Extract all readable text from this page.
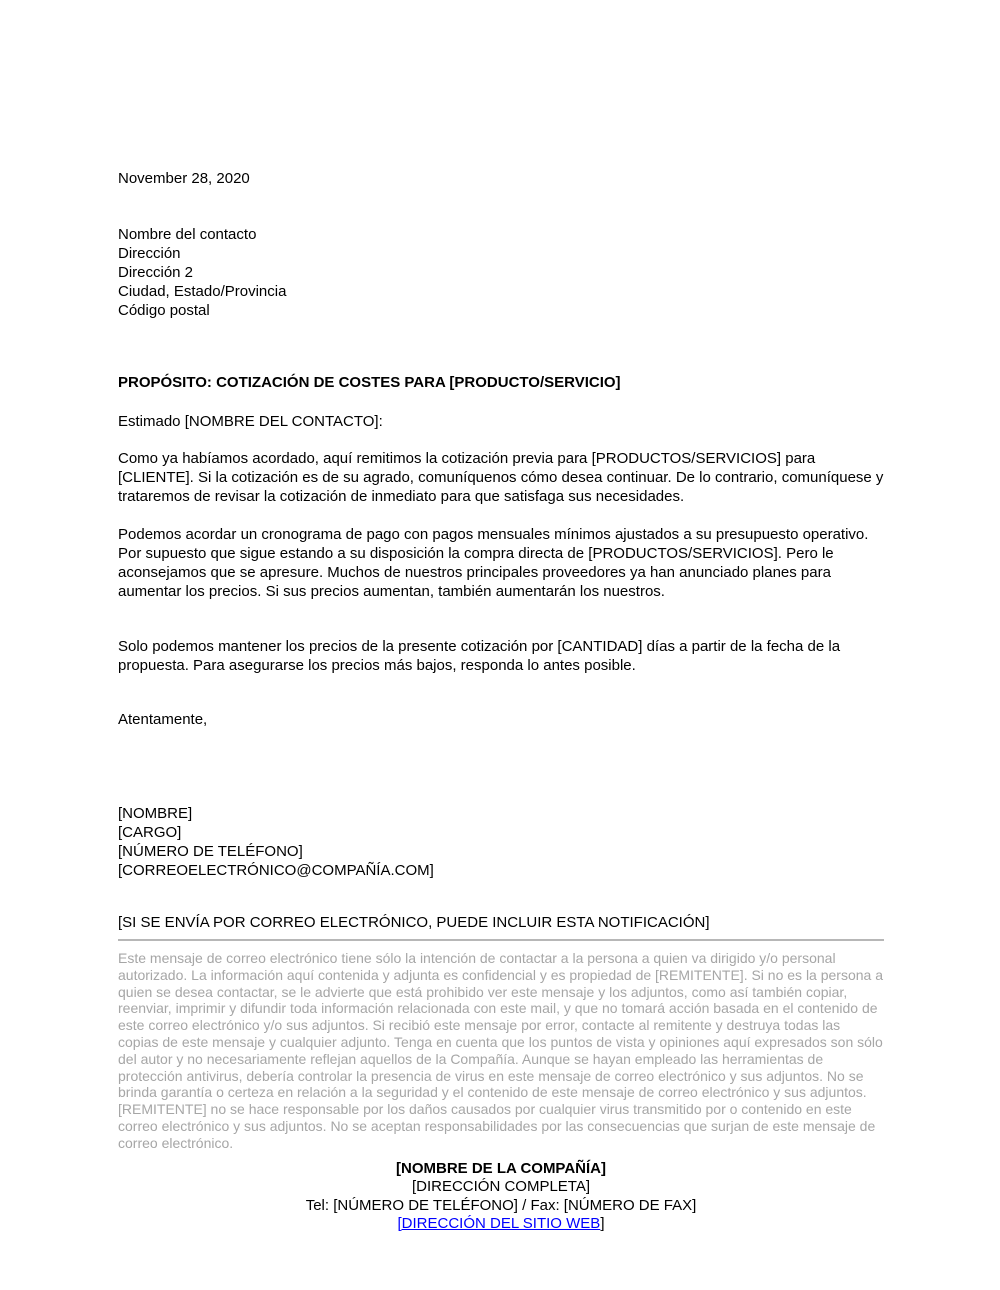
November 28, 2020
Nombre del contacto
Dirección
Dirección 2
Ciudad, Estado/Provincia
Código postal
PROPÓSITO: COTIZACIÓN DE COSTES PARA [PRODUCTO/SERVICIO]
Estimado [NOMBRE DEL CONTACTO]:

Como ya habíamos acordado, aquí remitimos la cotización previa para [PRODUCTOS/SERVICIOS] para [CLIENTE]. Si la cotización es de su agrado, comuníquenos cómo desea continuar. De lo contrario, comuníquese y trataremos de revisar la cotización de inmediato para que satisfaga sus necesidades.

Podemos acordar un cronograma de pago con pagos mensuales mínimos ajustados a su presupuesto operativo. Por supuesto que sigue estando a su disposición la compra directa de [PRODUCTOS/SERVICIOS]. Pero le aconsejamos que se apresure. Muchos de nuestros principales proveedores ya han anunciado planes para aumentar los precios. Si sus precios aumentan, también aumentarán los nuestros.

Solo podemos mantener los precios de la presente cotización por [CANTIDAD] días a partir de la fecha de la propuesta. Para asegurarse los precios más bajos, responda lo antes posible.

Atentamente,
[NOMBRE]
[CARGO]
[NÚMERO DE TELÉFONO]
[CORREOELECTRÓNICO@COMPAÑÍA.COM]
[SI SE ENVÍA POR CORREO ELECTRÓNICO, PUEDE INCLUIR ESTA NOTIFICACIÓN]

Este mensaje de correo electrónico tiene sólo la intención de contactar a la persona a quien va dirigido y/o personal autorizado. La información aquí contenida y adjunta es confidencial y es propiedad de [REMITENTE]. Si no es la persona a quien se desea contactar, se le advierte que está prohibido ver este mensaje y los adjuntos, como así también copiar, reenviar, imprimir y difundir toda información relacionada con este mail, y que no tomará acción basada en el contenido de este correo electrónico y/o sus adjuntos. Si recibió este mensaje por error, contacte al remitente y destruya todas las copias de este mensaje y cualquier adjunto. Tenga en cuenta que los puntos de vista y opiniones aquí expresados son sólo del autor y no necesariamente reflejan aquellos de la Compañía. Aunque se hayan empleado las herramientas de protección antivirus, debería controlar la presencia de virus en este mensaje de correo electrónico y sus adjuntos. No se brinda garantía o certeza en relación a la seguridad y el contenido de este mensaje de correo electrónico y sus adjuntos. [REMITENTE] no se hace responsable por los daños causados por cualquier virus transmitido por o contenido en este correo electrónico y sus adjuntos. No se aceptan responsabilidades por las consecuencias que surjan de este mensaje de correo electrónico.

[NOMBRE DE LA COMPAÑÍA]
[DIRECCIÓN COMPLETA]
Tel: [NÚMERO DE TELÉFONO] / Fax: [NÚMERO DE FAX]
[DIRECCIÓN DEL SITIO WEB]
